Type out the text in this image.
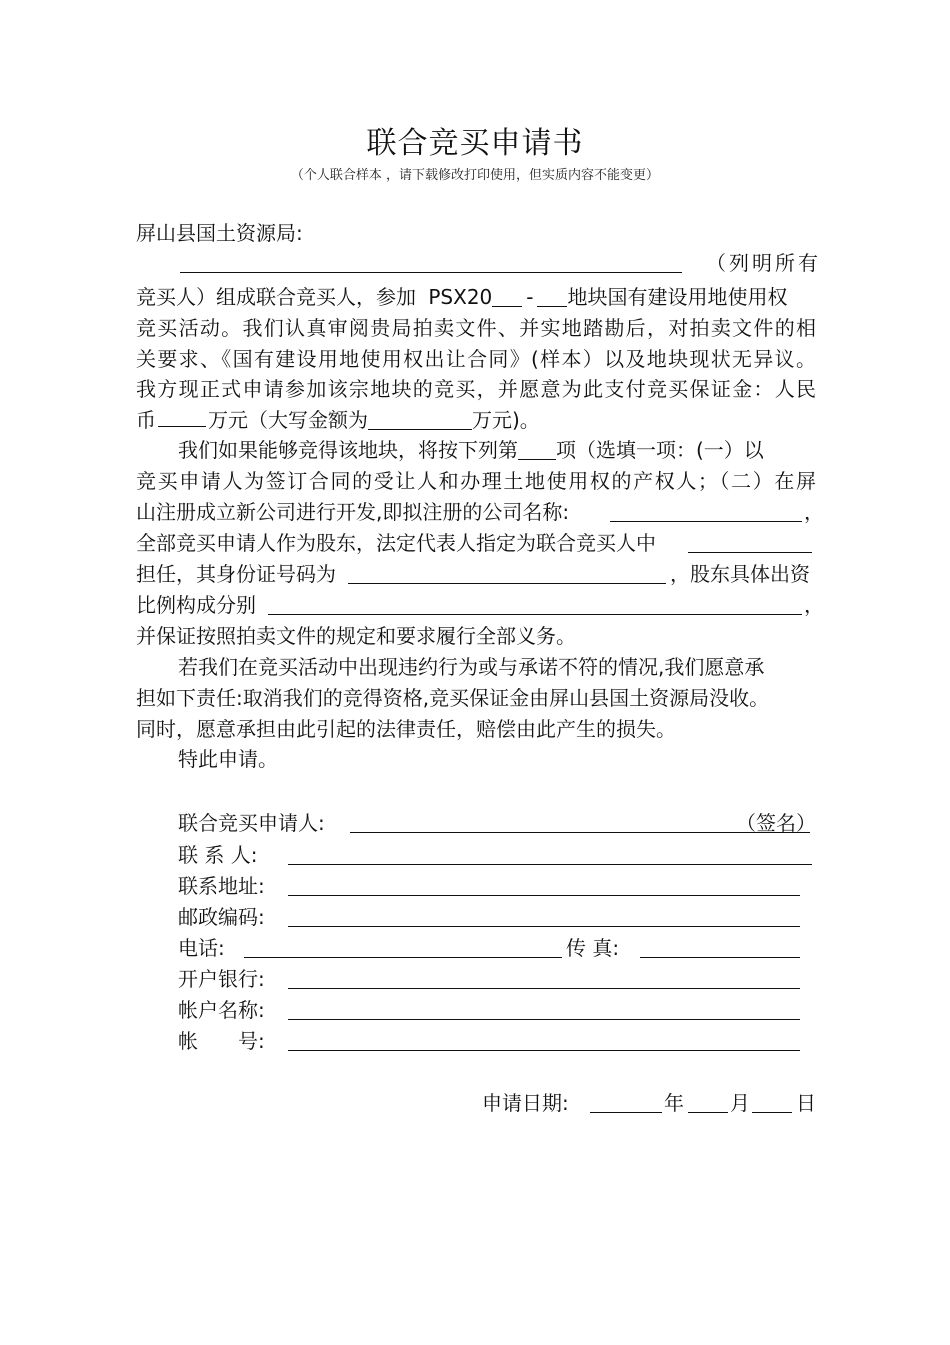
联合竞买申请书
（个人联合样本 ，请下载修改打印使用，但实质内容不能变更）
屏山县国土资源局:
（列明所有
竞买人）组成联合竞买人，参加 PSX20 - 地块国有建设用地使用权
竞买活动。我们认真审阅贵局拍卖文件、并实地踏勘后，对拍卖文件的相
关要求、《国有建设用地使用权出让合同》(样本）以及地块现状无异议。
我方现正式申请参加该宗地块的竞买，并愿意为此支付竞买保证金：人民
币	万元（大写金额为	万元)。
我们如果能够竞得该地块，将按下列第 项（选填一项：(一）以
竞买申请人为签订合同的受让人和办理土地使用权的产权人；（二）在屏
山注册成立新公司进行开发,即拟注册的公司名称:	，
全部竞买申请人作为股东，法定代表人指定为联合竞买人中
担任，其身份证号码为	，股东具体出资
比例构成分别	，
并保证按照拍卖文件的规定和要求履行全部义务。
若我们在竞买活动中出现违约行为或与承诺不符的情况,我们愿意承
担如下责任:取消我们的竞得资格,竞买保证金由屏山县国土资源局没收。
同时，愿意承担由此引起的法律责任，赔偿由此产生的损失。
特此申请。
联合竞买申请人:	（签名）
联 系 人:
联系地址:
邮政编码:
电话:	传 真:
开户银行:
帐户名称:
帐　　号:
申请日期:	年 月 日
